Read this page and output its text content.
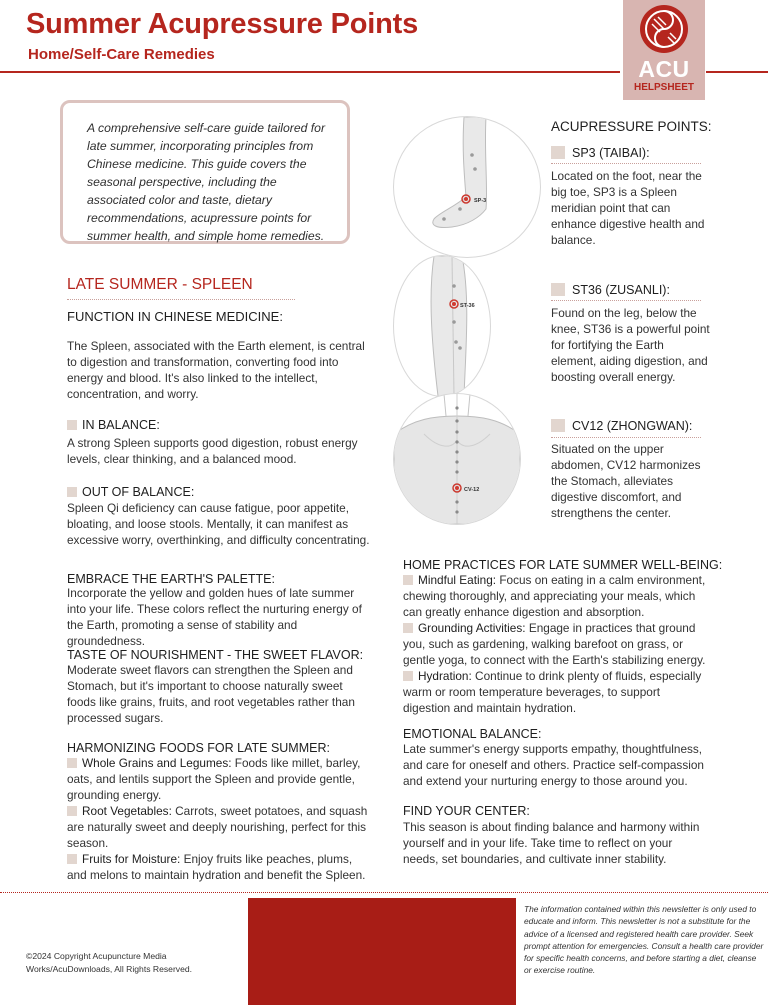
Summer Acupressure Points
Home/Self-Care Remedies
ACU
HELPSHEET
A comprehensive self-care guide tailored for late summer, incorporating principles from Chinese medicine. This guide covers the seasonal perspective, including the associated color and taste, dietary recommendations, acupressure points for summer health, and simple home remedies.
LATE SUMMER - SPLEEN
FUNCTION IN CHINESE MEDICINE:
The Spleen, associated with the Earth element, is central to digestion and transformation, converting food into energy and blood. It's also linked to the intellect, concentration, and worry.
IN BALANCE:
A strong Spleen supports good digestion, robust energy levels, clear thinking, and a balanced mood.
OUT OF BALANCE:
Spleen Qi deficiency can cause fatigue, poor appetite, bloating, and loose stools. Mentally, it can manifest as excessive worry, overthinking, and difficulty concentrating.
EMBRACE THE EARTH'S PALETTE:
Incorporate the yellow and golden hues of late summer into your life. These colors reflect the nurturing energy of the Earth, promoting a sense of stability and groundedness.
TASTE OF NOURISHMENT - THE SWEET FLAVOR:
Moderate sweet flavors can strengthen the Spleen and Stomach, but it's important to choose naturally sweet foods like grains, fruits, and root vegetables rather than processed sugars.
HARMONIZING FOODS FOR LATE SUMMER:
Whole Grains and Legumes: Foods like millet, barley, oats, and lentils support the Spleen and provide gentle, grounding energy.
Root Vegetables: Carrots, sweet potatoes, and squash are naturally sweet and deeply nourishing, perfect for this season.
Fruits for Moisture: Enjoy fruits like peaches, plums, and melons to maintain hydration and benefit the Spleen.
SP-3
ST-36
CV-12
ACUPRESSURE POINTS:
SP3 (TAIBAI):
Located on the foot, near the big toe, SP3 is a Spleen meridian point that can enhance digestive health and balance.
ST36 (ZUSANLI):
Found on the leg, below the knee, ST36 is a powerful point for fortifying the Earth element, aiding digestion, and boosting overall energy.
CV12 (ZHONGWAN):
Situated on the upper abdomen, CV12 harmonizes the Stomach, alleviates digestive discomfort, and strengthens the center.
HOME PRACTICES FOR LATE SUMMER WELL-BEING:
Mindful Eating: Focus on eating in a calm environment, chewing thoroughly, and appreciating your meals, which can greatly enhance digestion and absorption.
Grounding Activities: Engage in practices that ground you, such as gardening, walking barefoot on grass, or gentle yoga, to connect with the Earth's stabilizing energy.
Hydration: Continue to drink plenty of fluids, especially warm or room temperature beverages, to support digestion and maintain hydration.
EMOTIONAL BALANCE:
Late summer's energy supports empathy, thoughtfulness, and care for oneself and others. Practice self-compassion and extend your nurturing energy to those around you.
FIND YOUR CENTER:
This season is about finding balance and harmony within yourself and in your life. Take time to reflect on your needs, set boundaries, and cultivate inner stability.
©2024 Copyright Acupuncture Media Works/AcuDownloads, All Rights Reserved.
The information contained within this newsletter is only used to educate and inform. This newsletter is not a substitute for the advice of a licensed and registered health care provider. Seek prompt attention for emergencies. Consult a health care provider for specific health concerns, and before starting a diet, cleanse or exercise routine.
